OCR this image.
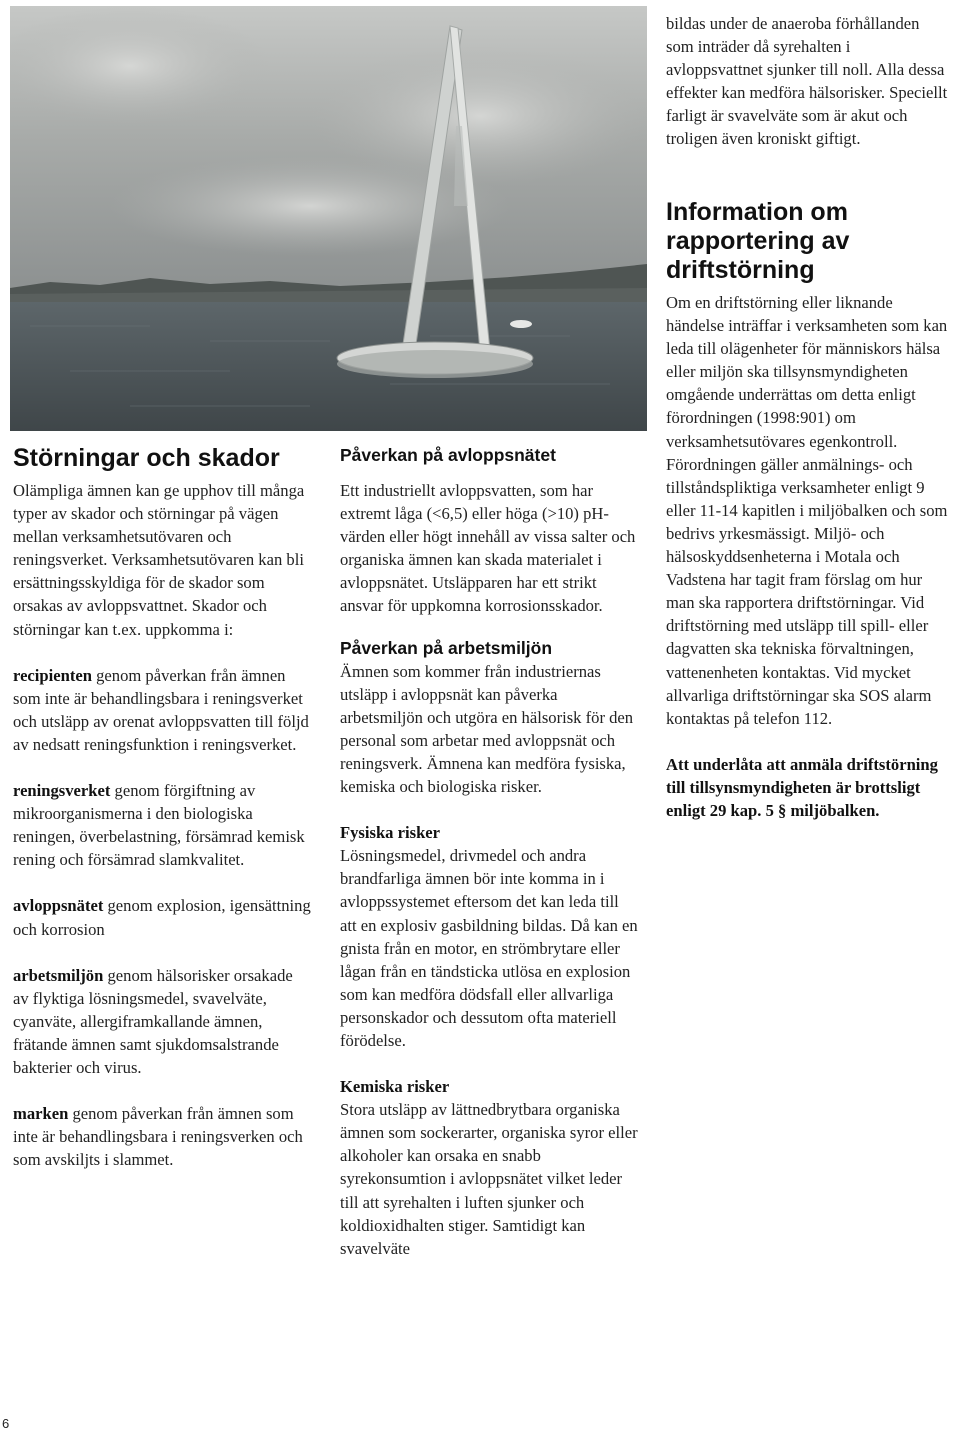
bildas under de anaeroba förhållanden som inträder då syrehalten i avloppsvattnet sjunker till noll. Alla dessa effekter kan medföra hälsorisker. Speciellt farligt är svavelväte som är akut och troligen även kroniskt giftigt.

Information om rapportering av driftstörning

Om en driftstörning eller liknande händelse inträffar i verksamheten som kan leda till olägenheter för människors hälsa eller miljön ska tillsynsmyndigheten omgående underrättas om detta enligt förordningen (1998:901) om verksamhetsutövares egenkontroll. Förordningen gäller anmälnings- och tillståndspliktiga verksamheter enligt 9 eller 11-14 kapitlen i miljöbalken och som bedrivs yrkesmässigt. Miljö- och hälsoskyddsenheterna i Motala och Vadstena har tagit fram förslag om hur man ska rapportera driftstörningar. Vid driftstörning med utsläpp till spill- eller dagvatten ska tekniska förvaltningen, vattenenheten kontaktas. Vid mycket allvarliga driftstörningar ska SOS alarm kontaktas på telefon 112.

Att underlåta att anmäla driftstörning till tillsynsmyndigheten är brottsligt enligt 29 kap. 5 § miljöbalken.

Störningar och skador

Olämpliga ämnen kan ge upphov till många typer av skador och störningar på vägen mellan verksamhetsutövaren och reningsverket. Verksamhetsutövaren kan bli ersättningsskyldiga för de skador som orsakas av avloppsvattnet. Skador och störningar kan t.ex. uppkomma i:

recipienten genom påverkan från ämnen som inte är behandlingsbara i reningsverket och utsläpp av orenat avloppsvatten till följd av nedsatt reningsfunktion i reningsverket.

reningsverket genom förgiftning av mikroorganismerna i den biologiska reningen, överbelastning, försämrad kemisk rening och försämrad slamkvalitet.

avloppsnätet genom explosion, igensättning och korrosion

arbetsmiljön genom hälsorisker orsakade av flyktiga lösningsmedel, svavelväte, cyanväte, allergiframkallande ämnen, frätande ämnen samt sjukdomsalstrande bakterier och virus.

marken genom påverkan från ämnen som inte är behandlingsbara i reningsverken och som avskiljts i slammet.

Påverkan på avloppsnätet

Ett industriellt avloppsvatten, som har extremt låga (<6,5) eller höga (>10) pH-värden eller högt innehåll av vissa salter och organiska ämnen kan skada materialet i avloppsnätet. Utsläpparen har ett strikt ansvar för uppkomna korrosionsskador.

Påverkan på arbetsmiljön

Ämnen som kommer från industriernas utsläpp i avloppsnät kan påverka arbetsmiljön och utgöra en hälsorisk för den personal som arbetar med avloppsnät och reningsverk. Ämnena kan medföra fysiska, kemiska och biologiska risker.

Fysiska risker

Lösningsmedel, drivmedel och andra brandfarliga ämnen bör inte komma in i avloppssystemet eftersom det kan leda till att en explosiv gasbildning bildas. Då kan en gnista från en motor, en strömbrytare eller lågan från en tändsticka utlösa en explosion som kan medföra dödsfall eller allvarliga personskador och dessutom ofta materiell förödelse.

Kemiska risker

Stora utsläpp av lättnedbrytbara organiska ämnen som sockerarter, organiska syror eller alkoholer kan orsaka en snabb syrekonsumtion i avloppsnätet vilket leder till att syrehalten i luften sjunker och koldioxidhalten stiger. Samtidigt kan svavelväte

6
